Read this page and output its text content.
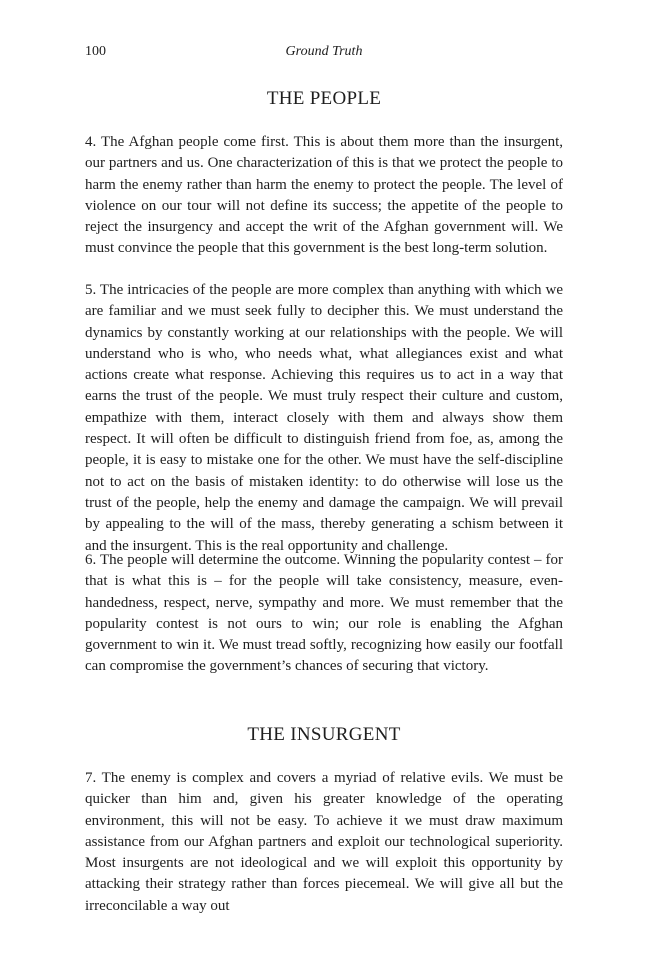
100	Ground Truth
THE PEOPLE

4. The Afghan people come first. This is about them more than the insurgent, our partners and us. One characterization of this is that we protect the people to harm the enemy rather than harm the enemy to protect the people. The level of violence on our tour will not define its success; the appetite of the people to reject the insurgency and accept the writ of the Afghan government will. We must convince the people that this government is the best long-term solution.

5. The intricacies of the people are more complex than anything with which we are familiar and we must seek fully to decipher this. We must understand the dynamics by constantly working at our relationships with the people. We will understand who is who, who needs what, what allegiances exist and what actions create what response. Achieving this requires us to act in a way that earns the trust of the people. We must truly respect their culture and custom, empathize with them, interact closely with them and always show them respect. It will often be difficult to distinguish friend from foe, as, among the people, it is easy to mistake one for the other. We must have the self-discipline not to act on the basis of mistaken identity: to do otherwise will lose us the trust of the people, help the enemy and damage the campaign. We will prevail by appealing to the will of the mass, thereby generating a schism between it and the insurgent. This is the real opportunity and challenge.

6. The people will determine the outcome. Winning the popularity contest – for that is what this is – for the people will take consistency, measure, even-handedness, respect, nerve, sympathy and more. We must remember that the popularity contest is not ours to win; our role is enabling the Afghan government to win it. We must tread softly, recognizing how easily our footfall can compromise the government’s chances of securing that victory.

THE INSURGENT

7. The enemy is complex and covers a myriad of relative evils. We must be quicker than him and, given his greater knowledge of the operating environment, this will not be easy. To achieve it we must draw maximum assistance from our Afghan partners and exploit our technological superiority. Most insurgents are not ideological and we will exploit this opportunity by attacking their strategy rather than forces piecemeal. We will give all but the irreconcilable a way out
